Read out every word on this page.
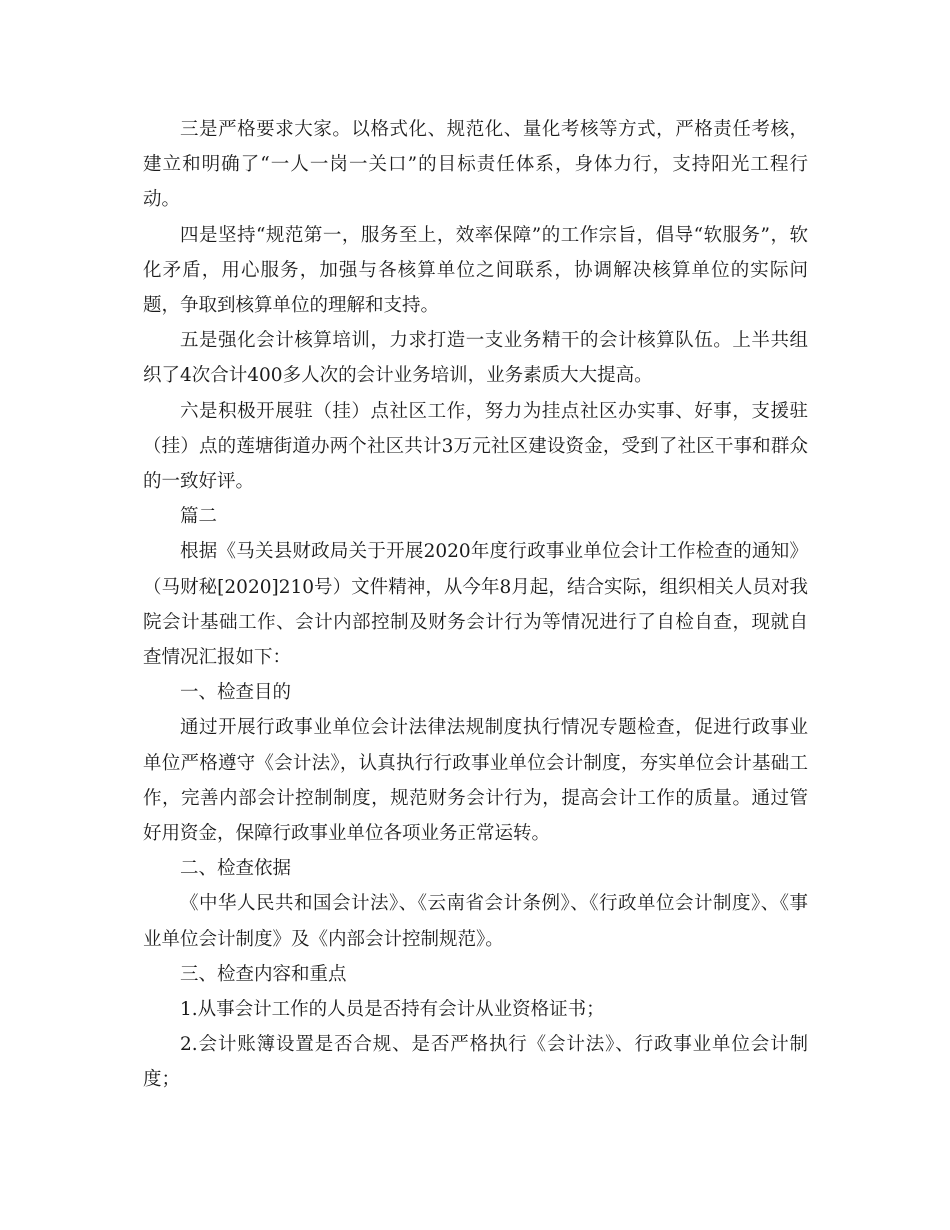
三是严格要求大家。以格式化、规范化、量化考核等方式，严格责任考核，建立和明确了“一人一岗一关口”的目标责任体系，身体力行，支持阳光工程行动。

四是坚持“规范第一，服务至上，效率保障”的工作宗旨，倡导“软服务”，软化矛盾，用心服务，加强与各核算单位之间联系，协调解决核算单位的实际问题，争取到核算单位的理解和支持。

五是强化会计核算培训，力求打造一支业务精干的会计核算队伍。上半共组织了4次合计400多人次的会计业务培训，业务素质大大提高。

六是积极开展驻（挂）点社区工作，努力为挂点社区办实事、好事，支援驻（挂）点的莲塘街道办两个社区共计3万元社区建设资金，受到了社区干事和群众的一致好评。

篇二

根据《马关县财政局关于开展2020年度行政事业单位会计工作检查的通知》（马财秘[2020]210号）文件精神，从今年8月起，结合实际，组织相关人员对我院会计基础工作、会计内部控制及财务会计行为等情况进行了自检自查，现就自查情况汇报如下：

一、检查目的

通过开展行政事业单位会计法律法规制度执行情况专题检查，促进行政事业单位严格遵守《会计法》，认真执行行政事业单位会计制度，夯实单位会计基础工作，完善内部会计控制制度，规范财务会计行为，提高会计工作的质量。通过管好用资金，保障行政事业单位各项业务正常运转。

二、检查依据

《中华人民共和国会计法》、《云南省会计条例》、《行政单位会计制度》、《事业单位会计制度》及《内部会计控制规范》。

三、检查内容和重点

1.从事会计工作的人员是否持有会计从业资格证书；

2.会计账簿设置是否合规、是否严格执行《会计法》、行政事业单位会计制度；
